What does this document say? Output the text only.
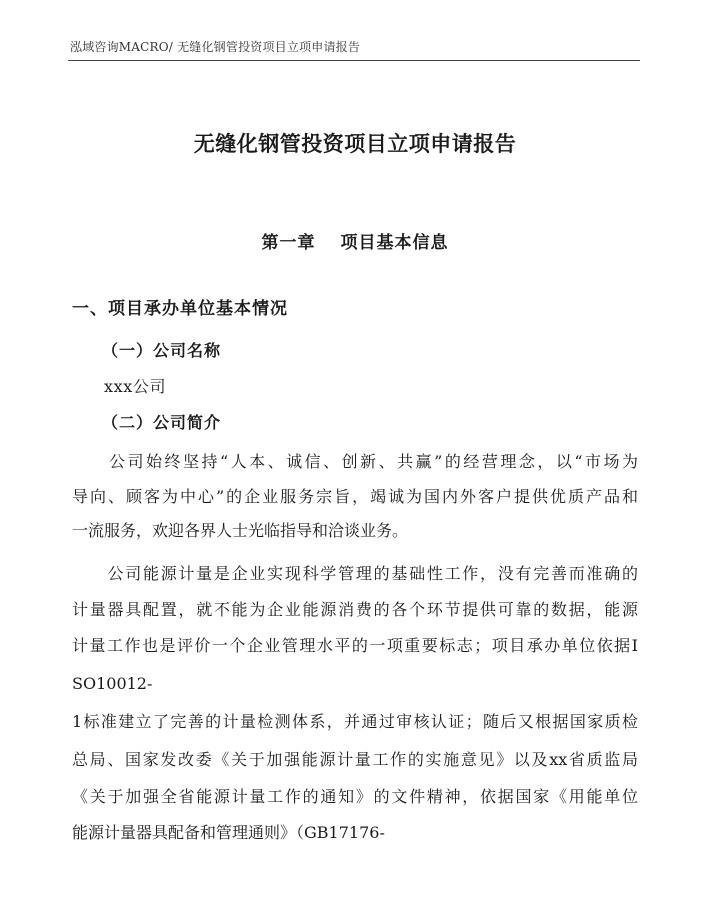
泓域咨询MACRO/ 无缝化钢管投资项目立项申请报告
无缝化钢管投资项目立项申请报告
第一章　 项目基本信息
一、项目承办单位基本情况
（一）公司名称
xxx公司
（二）公司简介
　　公司始终坚持“人本、诚信、创新、共赢”的经营理念，以“市场为
导向、顾客为中心”的企业服务宗旨，竭诚为国内外客户提供优质产品和
一流服务，欢迎各界人士光临指导和洽谈业务。
　　公司能源计量是企业实现科学管理的基础性工作，没有完善而准确的
计量器具配置，就不能为企业能源消费的各个环节提供可靠的数据，能源
计量工作也是评价一个企业管理水平的一项重要标志；项目承办单位依据I
SO10012-
1标准建立了完善的计量检测体系，并通过审核认证；随后又根据国家质检
总局、国家发改委《关于加强能源计量工作的实施意见》以及xx省质监局
《关于加强全省能源计量工作的通知》的文件精神，依据国家《用能单位
能源计量器具配备和管理通则》（GB17176-
